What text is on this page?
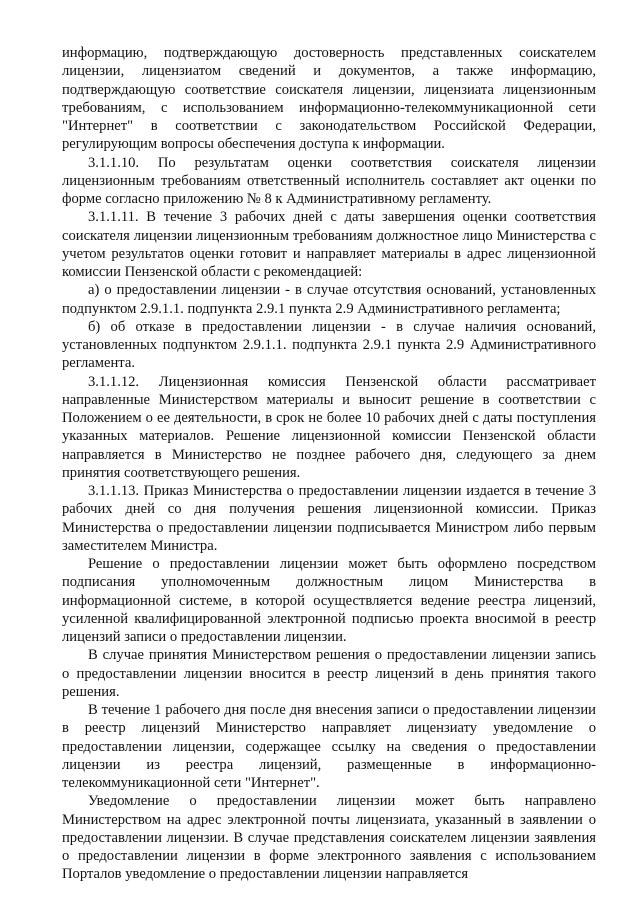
информацию, подтверждающую достоверность представленных соискателем лицензии, лицензиатом сведений и документов, а также информацию, подтверждающую соответствие соискателя лицензии, лицензиата лицензионным требованиям, с использованием информационно-телекоммуникационной сети "Интернет" в соответствии с законодательством Российской Федерации, регулирующим вопросы обеспечения доступа к информации.

3.1.1.10. По результатам оценки соответствия соискателя лицензии лицензионным требованиям ответственный исполнитель составляет акт оценки по форме согласно приложению № 8 к Административному регламенту.

3.1.1.11. В течение 3 рабочих дней с даты завершения оценки соответствия соискателя лицензии лицензионным требованиям должностное лицо Министерства с учетом результатов оценки готовит и направляет материалы в адрес лицензионной комиссии Пензенской области с рекомендацией:

а) о предоставлении лицензии - в случае отсутствия оснований, установленных подпунктом 2.9.1.1. подпункта 2.9.1 пункта 2.9 Административного регламента;

б) об отказе в предоставлении лицензии - в случае наличия оснований, установленных подпунктом 2.9.1.1. подпункта 2.9.1 пункта 2.9 Административного регламента.

3.1.1.12. Лицензионная комиссия Пензенской области рассматривает направленные Министерством материалы и выносит решение в соответствии с Положением о ее деятельности, в срок не более 10 рабочих дней с даты поступления указанных материалов. Решение лицензионной комиссии Пензенской области направляется в Министерство не позднее рабочего дня, следующего за днем принятия соответствующего решения.

3.1.1.13. Приказ Министерства о предоставлении лицензии издается в течение 3 рабочих дней со дня получения решения лицензионной комиссии. Приказ Министерства о предоставлении лицензии подписывается Министром либо первым заместителем Министра.

Решение о предоставлении лицензии может быть оформлено посредством подписания уполномоченным должностным лицом Министерства в информационной системе, в которой осуществляется ведение реестра лицензий, усиленной квалифицированной электронной подписью проекта вносимой в реестр лицензий записи о предоставлении лицензии.

В случае принятия Министерством решения о предоставлении лицензии запись о предоставлении лицензии вносится в реестр лицензий в день принятия такого решения.

В течение 1 рабочего дня после дня внесения записи о предоставлении лицензии в реестр лицензий Министерство направляет лицензиату уведомление о предоставлении лицензии, содержащее ссылку на сведения о предоставлении лицензии из реестра лицензий, размещенные в информационно-телекоммуникационной сети "Интернет".

Уведомление о предоставлении лицензии может быть направлено Министерством на адрес электронной почты лицензиата, указанный в заявлении о предоставлении лицензии. В случае представления соискателем лицензии заявления о предоставлении лицензии в форме электронного заявления с использованием Порталов уведомление о предоставлении лицензии направляется
